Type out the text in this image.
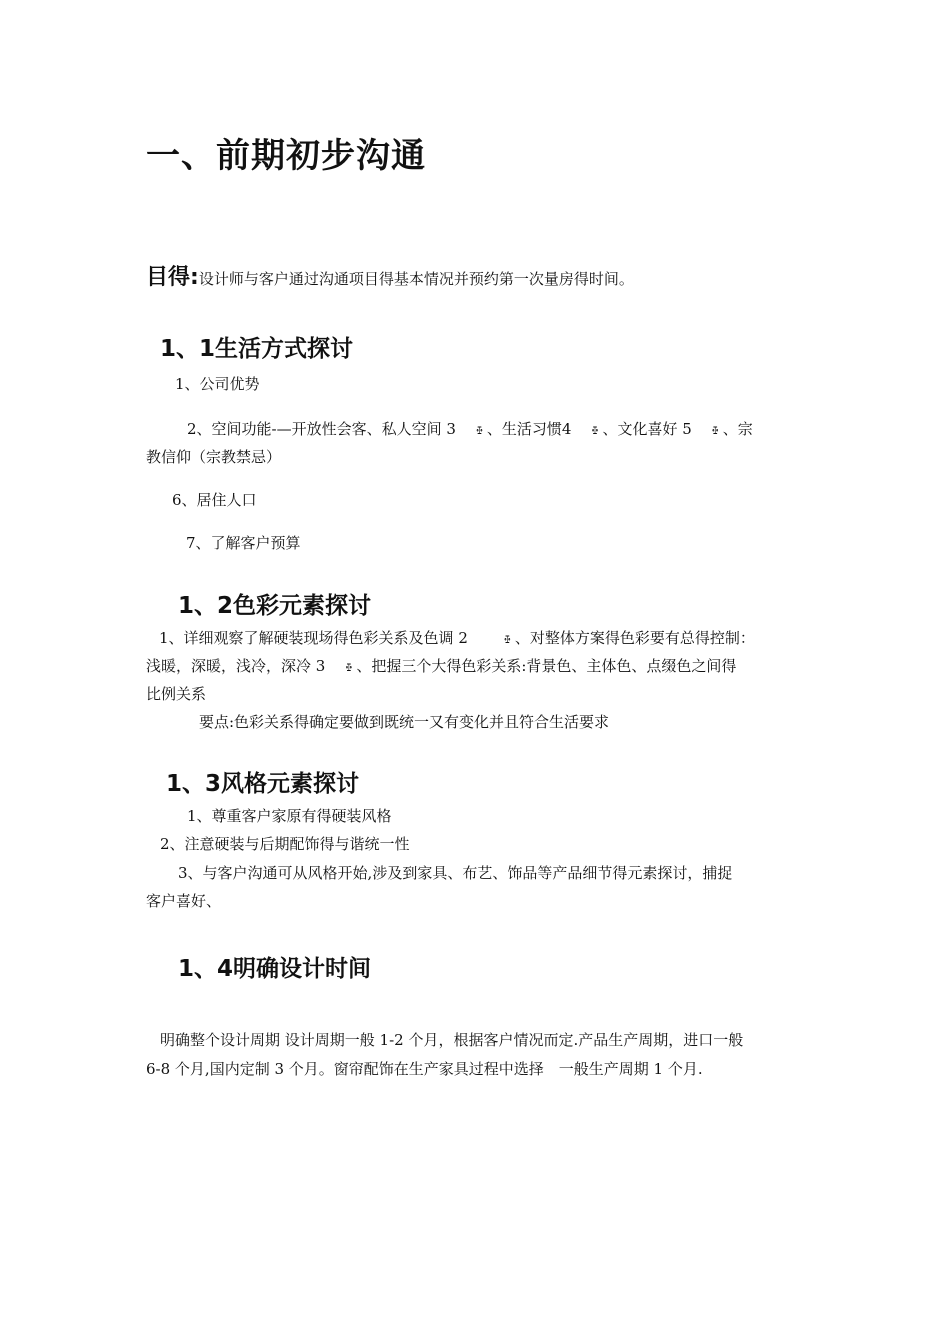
一、前期初步沟通
目得:设计师与客户通过沟通项目得基本情况并预约第一次量房得时间。
1、1生活方式探讨
1、公司优势
2、空间功能-—开放性会客、私人空间 3 ꔀ 、生活习惯4 ꔀ 、文化喜好 5 ꔀ 、宗
教信仰（宗教禁忌）
6、居住人口
7、了解客户预算
1、2色彩元素探讨
1、详细观察了解硬装现场得色彩关系及色调 2	ꔀ 、对整体方案得色彩要有总得控制：
浅暖，深暖，浅冷，深冷 3 ꔀ 、把握三个大得色彩关系:背景色、主体色、点缀色之间得
比例关系
要点:色彩关系得确定要做到既统一又有变化并且符合生活要求
1、3风格元素探讨
1、尊重客户家原有得硬装风格
2、注意硬装与后期配饰得与谐统一性
3、与客户沟通可从风格开始,涉及到家具、布艺、饰品等产品细节得元素探讨，捕捉
客户喜好、
1、4明确设计时间
明确整个设计周期 设计周期一般 1-2 个月，根据客户情况而定.产品生产周期，进口一般
6-8 个月,国内定制 3 个月。窗帘配饰在生产家具过程中选择　一般生产周期 1 个月.
